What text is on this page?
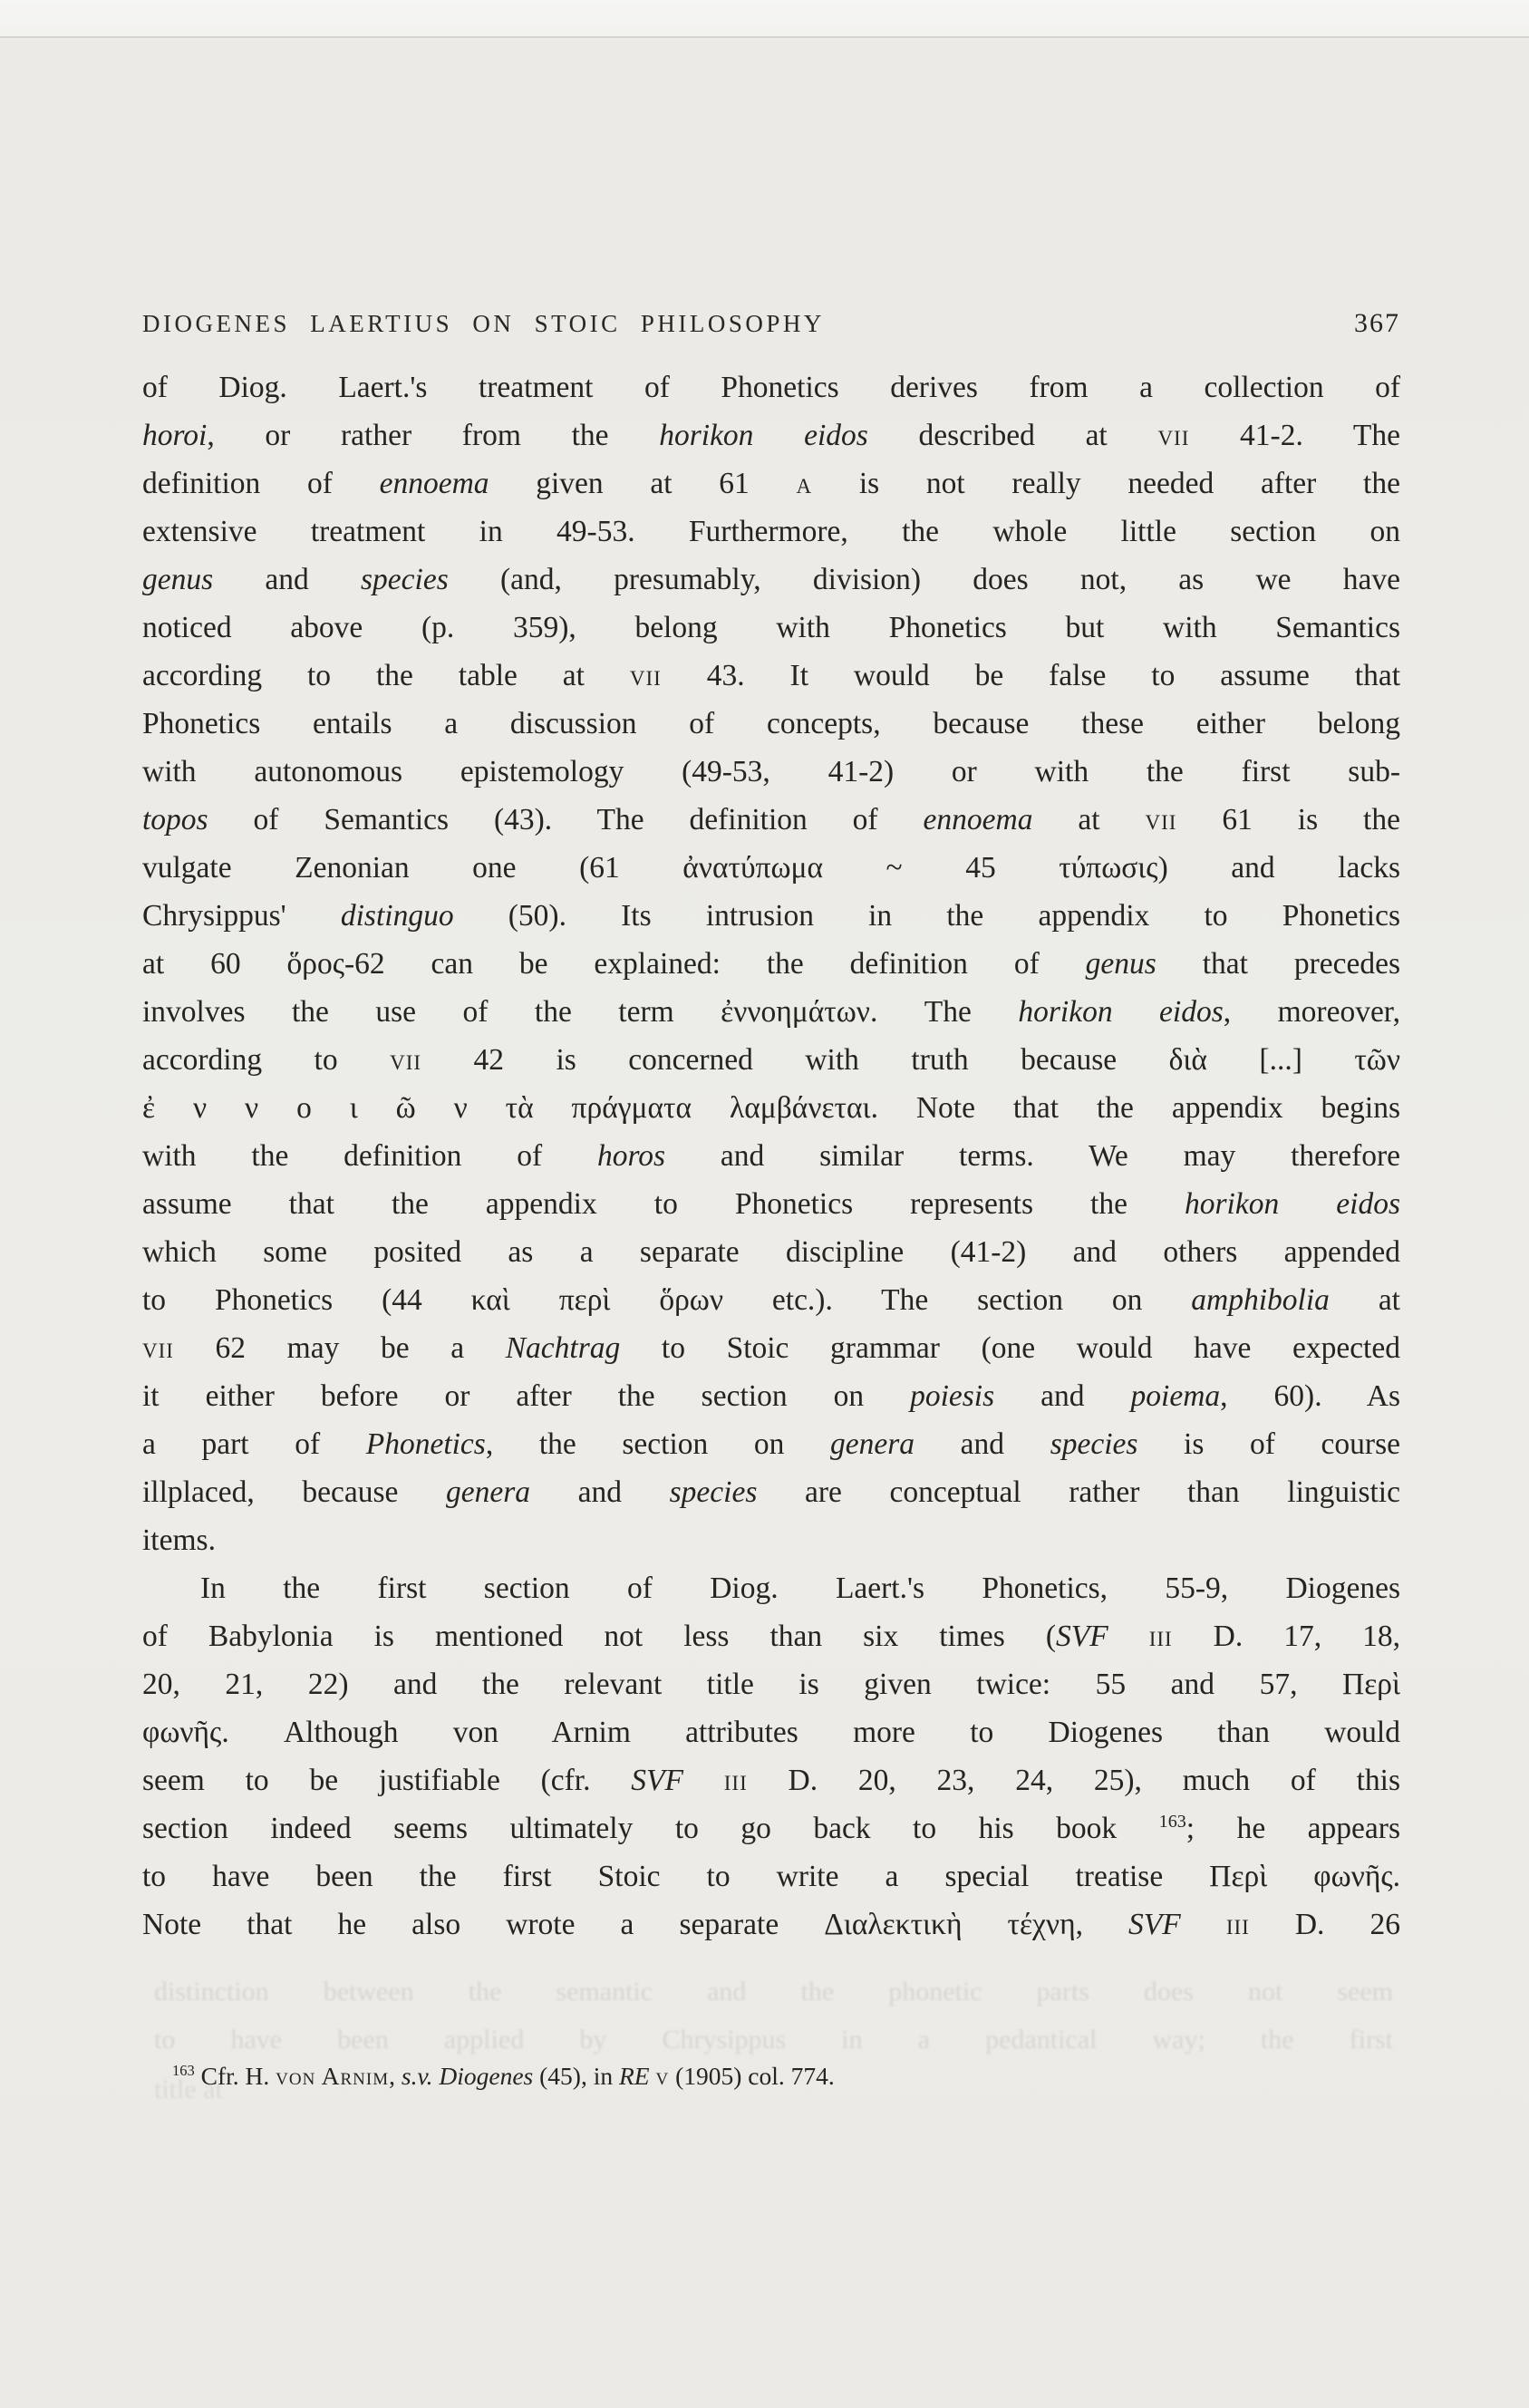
DIOGENES LAERTIUS ON STOIC PHILOSOPHY	367
of Diog. Laert.'s treatment of Phonetics derives from a collection of
horoi, or rather from the horikon eidos described at vii 41-2. The
definition of ennoema given at 61 a is not really needed after the
extensive treatment in 49-53. Furthermore, the whole little section on
genus and species (and, presumably, division) does not, as we have
noticed above (p. 359), belong with Phonetics but with Semantics
according to the table at vii 43. It would be false to assume that
Phonetics entails a discussion of concepts, because these either belong
with autonomous epistemology (49-53, 41-2) or with the first sub-
topos of Semantics (43). The definition of ennoema at vii 61 is the
vulgate Zenonian one (61 ἀνατύπωμα ~ 45 τύπωσις) and lacks
Chrysippus' distinguo (50). Its intrusion in the appendix to Phonetics
at 60 ὅρος-62 can be explained: the definition of genus that precedes
involves the use of the term ἐννοημάτων. The horikon eidos, moreover,
according to vii 42 is concerned with truth because διὰ [...] τῶν
ἐ ν ν ο ι ῶ ν τὰ πράγματα λαμβάνεται. Note that the appendix begins
with the definition of horos and similar terms. We may therefore
assume that the appendix to Phonetics represents the horikon eidos
which some posited as a separate discipline (41-2) and others appended
to Phonetics (44 καὶ περὶ ὅρων etc.). The section on amphibolia at
vii 62 may be a Nachtrag to Stoic grammar (one would have expected
it either before or after the section on poiesis and poiema, 60). As
a part of Phonetics, the section on genera and species is of course
illplaced, because genera and species are conceptual rather than linguistic
items.
In the first section of Diog. Laert.'s Phonetics, 55-9, Diogenes
of Babylonia is mentioned not less than six times (SVF iii D. 17, 18,
20, 21, 22) and the relevant title is given twice: 55 and 57, Περὶ
φωνῆς. Although von Arnim attributes more to Diogenes than would
seem to be justifiable (cfr. SVF iii D. 20, 23, 24, 25), much of this
section indeed seems ultimately to go back to his book $^{163}$; he appears
to have been the first Stoic to write a special treatise Περὶ φωνῆς.
Note that he also wrote a separate Διαλεκτικὴ τέχνη, SVF iii D. 26
distinction between the semantic and the phonetic parts does not seem
to have been applied by Chrysippus in a pedantical way; the first
title at
$^{163}$ Cfr. H. von Arnim, s.v. Diogenes (45), in RE v (1905) col. 774.
